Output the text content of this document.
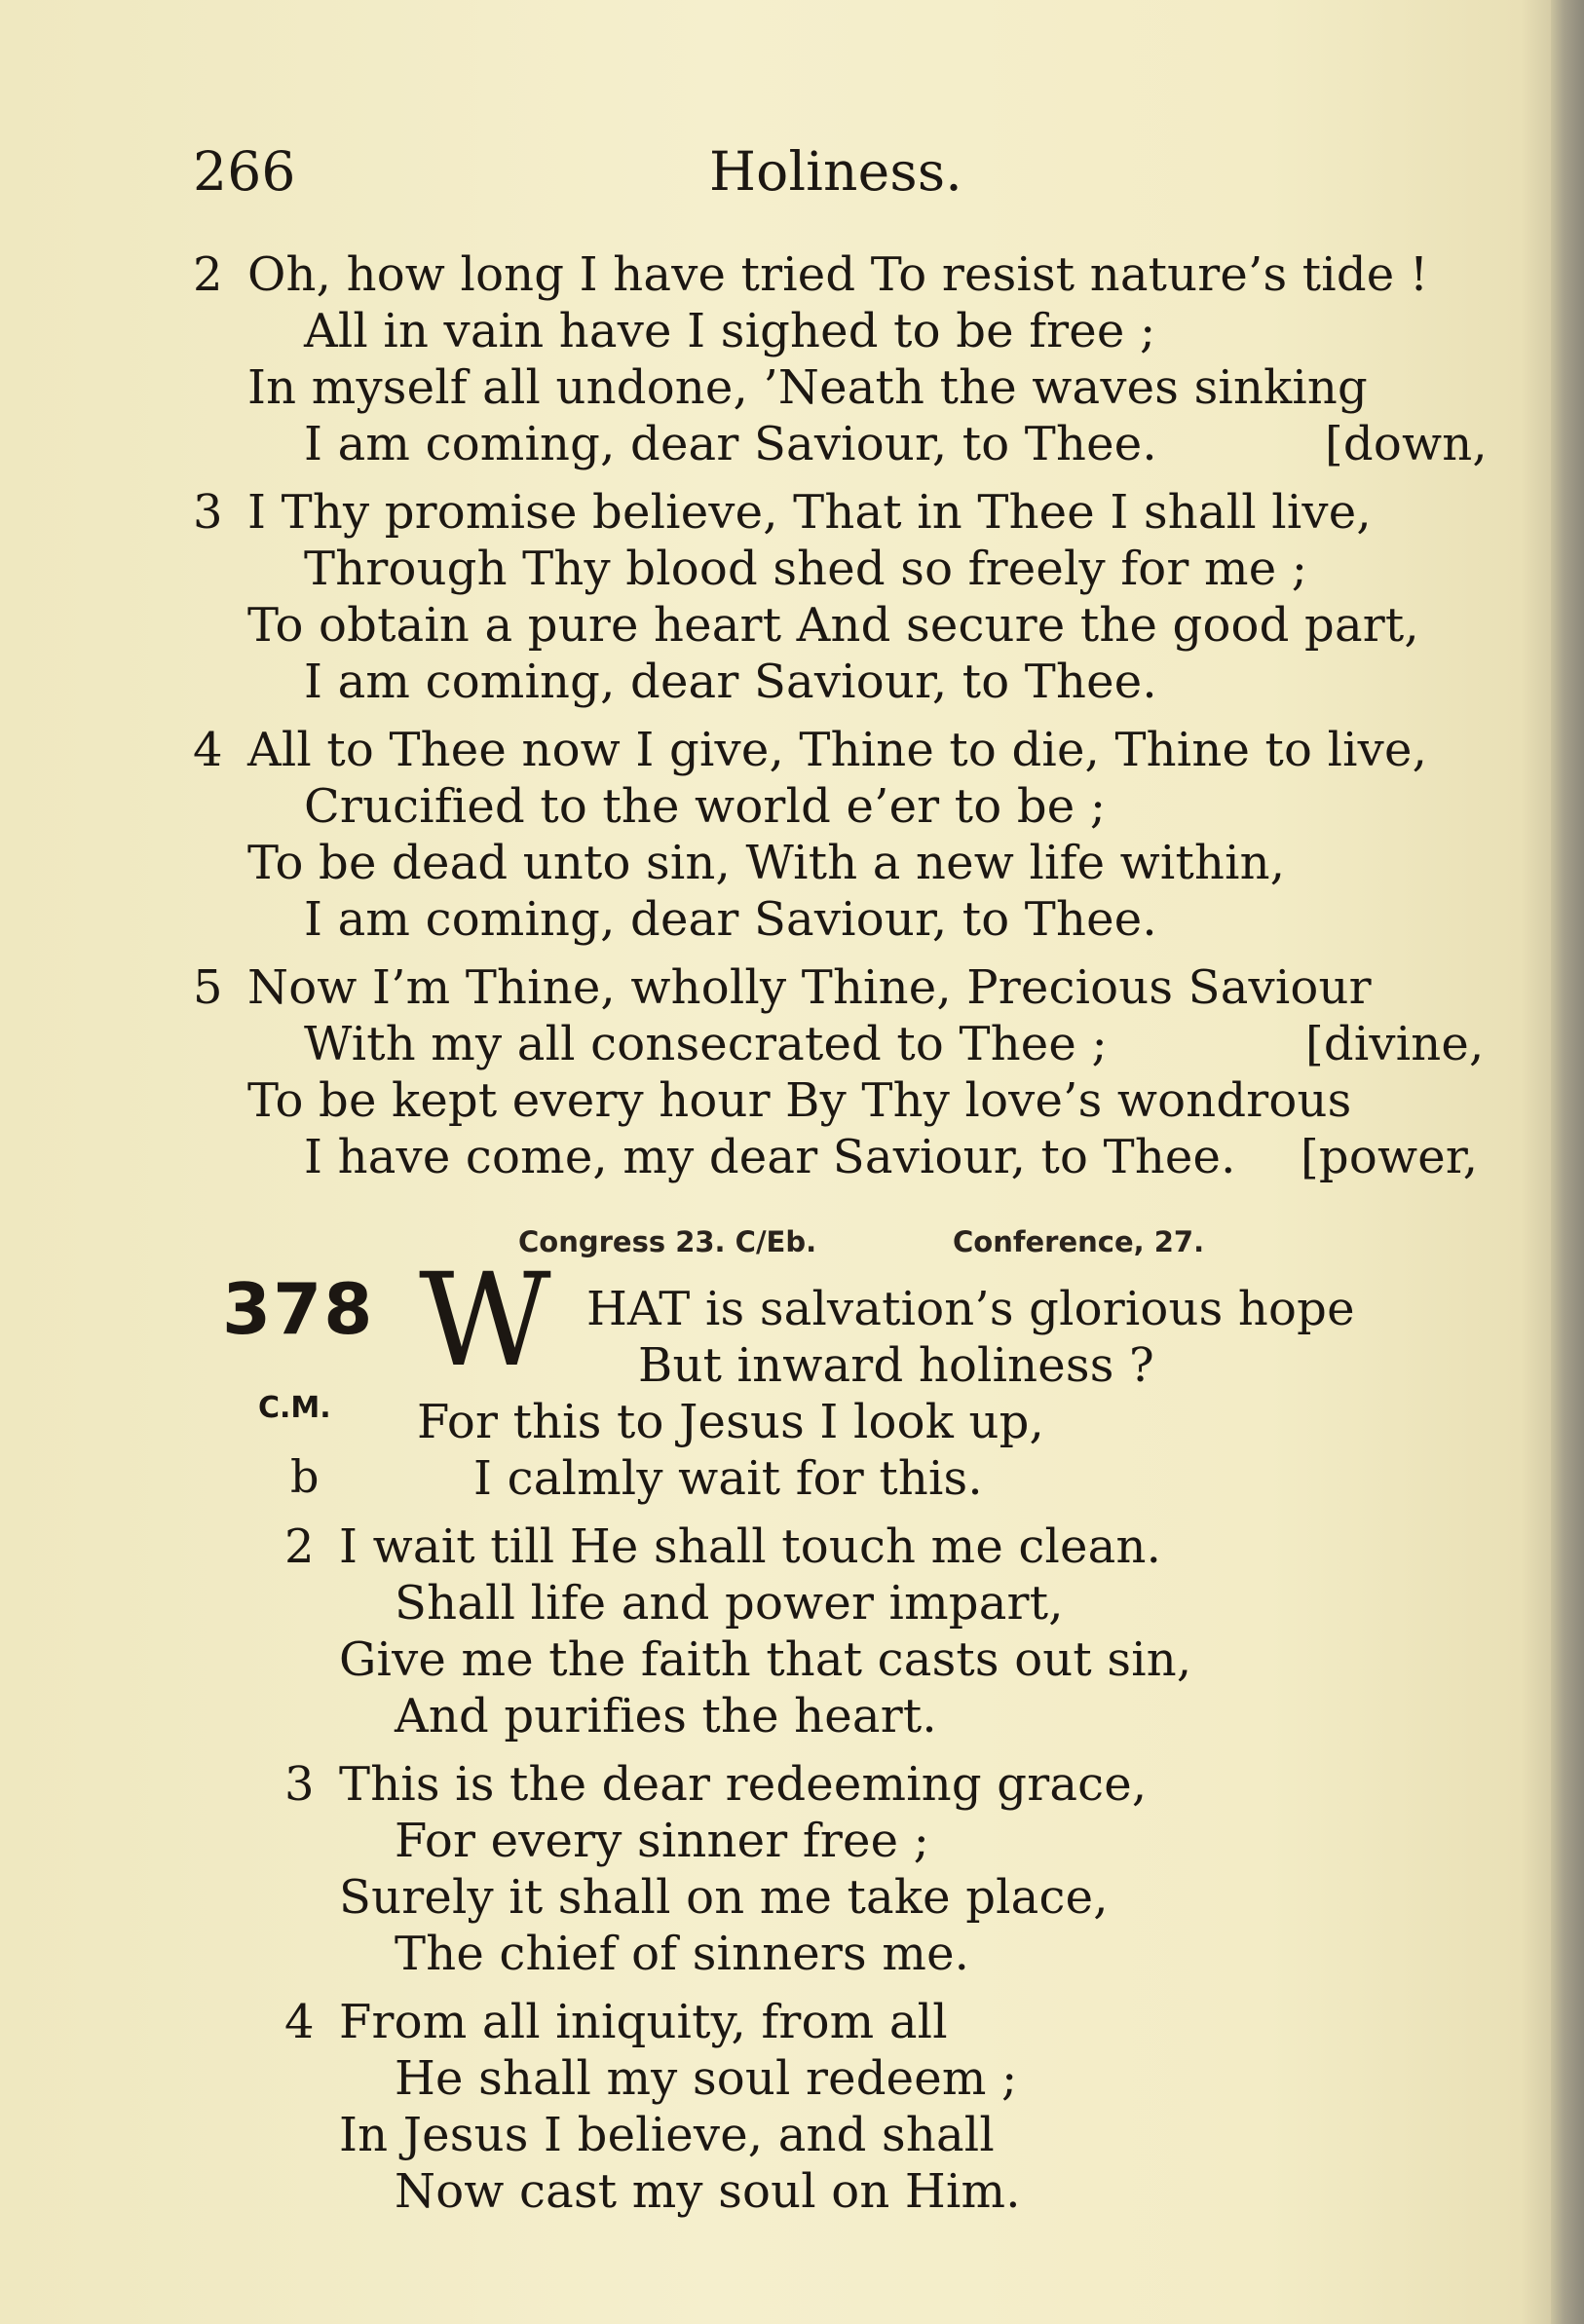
266	Holiness.
2 Oh, how long I have tried To resist nature’s tide !
All in vain have I sighed to be free ;
In myself all undone, ’Neath the waves sinking
I am coming, dear Saviour, to Thee.	[down,
3 I Thy promise believe, That in Thee I shall live,
Through Thy blood shed so freely for me ;
To obtain a pure heart And secure the good part,
I am coming, dear Saviour, to Thee.
4 All to Thee now I give, Thine to die, Thine to live,
Crucified to the world e’er to be ;
To be dead unto sin, With a new life within,
I am coming, dear Saviour, to Thee.
5 Now I’m Thine, wholly Thine, Precious Saviour
With my all consecrated to Thee ;	[divine,
To be kept every hour By Thy love’s wondrous
I have come, my dear Saviour, to Thee. [power,
Congress 23. C/Eb.	Conference, 27.
378 W
C.M.
b
HAT is salvation’s glorious hope
But inward holiness ?
For this to Jesus I look up,
I calmly wait for this.
2 I wait till He shall touch me clean.
Shall life and power impart,
Give me the faith that casts out sin,
And purifies the heart.
3 This is the dear redeeming grace,
For every sinner free ;
Surely it shall on me take place,
The chief of sinners me.
4 From all iniquity, from all
He shall my soul redeem ;
In Jesus I believe, and shall
Now cast my soul on Him.
